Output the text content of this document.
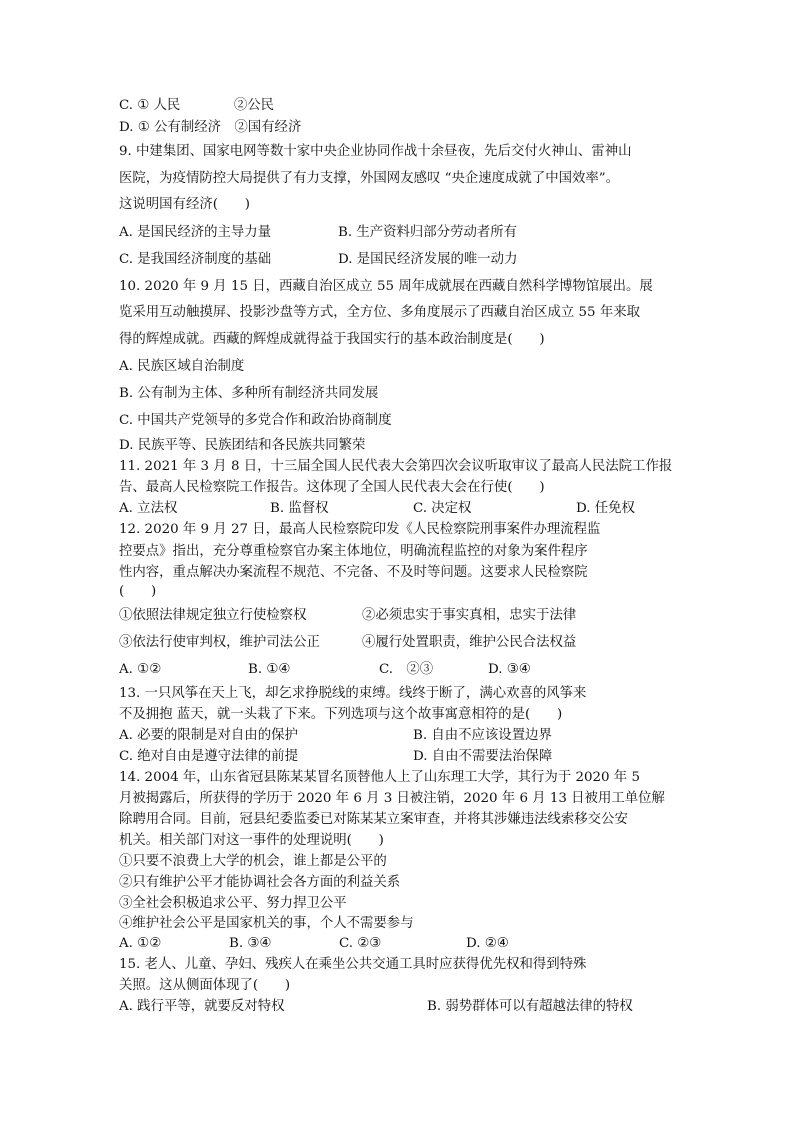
C. ① 人民　　　　②公民
D. ① 公有制经济　②国有经济
9. 中建集团、国家电网等数十家中央企业协同作战十余昼夜，先后交付火神山、雷神山
医院，为疫情防控大局提供了有力支撑，外国网友感叹 “央企速度成就了中国效率”。
这说明国有经济(　　)
A. 是国民经济的主导力量	B. 生产资料归部分劳动者所有
C. 是我国经济制度的基础	D. 是国民经济发展的唯一动力
10. 2020 年 9 月 15 日，西藏自治区成立 55 周年成就展在西藏自然科学博物馆展出。展
览采用互动触摸屏、投影沙盘等方式，全方位、多角度展示了西藏自治区成立 55 年来取
得的辉煌成就。西藏的辉煌成就得益于我国实行的基本政治制度是(　　)
A. 民族区域自治制度
B. 公有制为主体、多种所有制经济共同发展
C. 中国共产党领导的多党合作和政治协商制度
D. 民族平等、民族团结和各民族共同繁荣
11. 2021 年 3 月 8 日，十三届全国人民代表大会第四次会议听取审议了最高人民法院工作报
告、最高人民检察院工作报告。这体现了全国人民代表大会在行使(　　)
A. 立法权	B. 监督权	C. 决定权	D. 任免权
12. 2020 年 9 月 27 日，最高人民检察院印发《人民检察院刑事案件办理流程监
控要点》指出，充分尊重检察官办案主体地位，明确流程监控的对象为案件程序
性内容，重点解决办案流程不规范、不完备、不及时等问题。这要求人民检察院
(　　)
①依照法律规定独立行使检察权	②必须忠实于事实真相，忠实于法律
③依法行使审判权，维护司法公正	④履行处置职责，维护公民合法权益
A. ①②	B. ①④	C.　②③	D. ③④
13. 一只风筝在天上飞，却乞求挣脱线的束缚。线终于断了，满心欢喜的风筝来
不及拥抱 蓝天，就一头栽了下来。下列选项与这个故事寓意相符的是(　　)
A. 必要的限制是对自由的保护	B. 自由不应该设置边界
C. 绝对自由是遵守法律的前提	D. 自由不需要法治保障
14. 2004 年，山东省冠县陈某某冒名顶替他人上了山东理工大学，其行为于 2020 年 5
月被揭露后，所获得的学历于 2020 年 6 月 3 日被注销，2020 年 6 月 13 日被用工单位解
除聘用合同。目前，冠县纪委监委已对陈某某立案审查，并将其涉嫌违法线索移交公安
机关。相关部门对这一事件的处理说明(　　)
①只要不浪费上大学的机会，谁上都是公平的
②只有维护公平才能协调社会各方面的利益关系
③全社会积极追求公平、努力捍卫公平
④维护社会公平是国家机关的事，个人不需要参与
A. ①②	B. ③④	C. ②③	D. ②④
15. 老人、儿童、孕妇、残疾人在乘坐公共交通工具时应获得优先权和得到特殊
关照。这从侧面体现了(　　)
A. 践行平等，就要反对特权	B. 弱势群体可以有超越法律的特权
